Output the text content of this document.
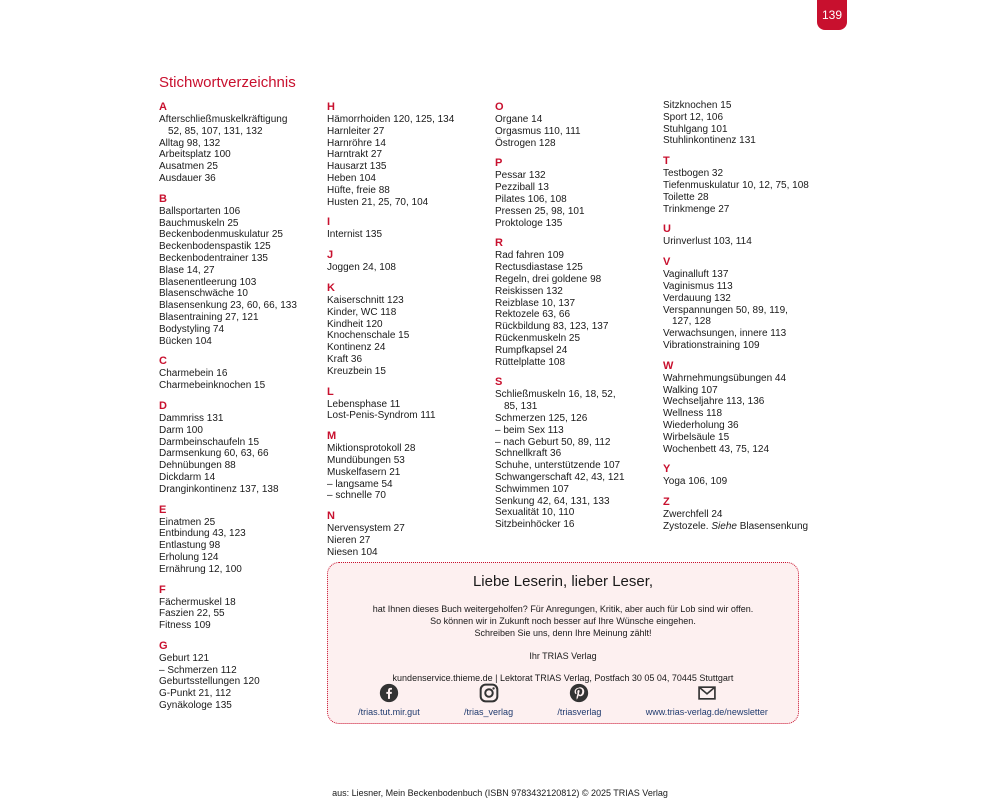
139
Stichwortverzeichnis
A
Afterschließmuskelkräftigung
52, 85, 107, 131, 132
Alltag 98, 132
Arbeitsplatz 100
Ausatmen 25
Ausdauer 36
B
Ballsportarten 106
Bauchmuskeln 25
Beckenbodenmuskulatur 25
Beckenbodenspastik 125
Beckenbodentrainer 135
Blase 14, 27
Blasenentleerung 103
Blasenschwäche 10
Blasensenkung 23, 60, 66, 133
Blasentraining 27, 121
Bodystyling 74
Bücken 104
C
Charmebein 16
Charmebeinknochen 15
D
Dammriss 131
Darm 100
Darmbeinschaufeln 15
Darmsenkung 60, 63, 66
Dehnübungen 88
Dickdarm 14
Dranginkontinenz 137, 138
E
Einatmen 25
Entbindung 43, 123
Entlastung 98
Erholung 124
Ernährung 12, 100
F
Fächermuskel 18
Faszien 22, 55
Fitness 109
G
Geburt 121
– Schmerzen 112
Geburtsstellungen 120
G-Punkt 21, 112
Gynäkologe 135
H
Hämorrhoiden 120, 125, 134
Harnleiter 27
Harnröhre 14
Harntrakt 27
Hausarzt 135
Heben 104
Hüfte, freie 88
Husten 21, 25, 70, 104
I
Internist 135
J
Joggen 24, 108
K
Kaiserschnitt 123
Kinder, WC 118
Kindheit 120
Knochenschale 15
Kontinenz 24
Kraft 36
Kreuzbein 15
L
Lebensphase 11
Lost-Penis-Syndrom 111
M
Miktionsprotokoll 28
Mundübungen 53
Muskelfasern 21
– langsame 54
– schnelle 70
N
Nervensystem 27
Nieren 27
Niesen 104
O
Organe 14
Orgasmus 110, 111
Östrogen 128
P
Pessar 132
Pezziball 13
Pilates 106, 108
Pressen 25, 98, 101
Proktologe 135
R
Rad fahren 109
Rectusdiastase 125
Regeln, drei goldene 98
Reiskissen 132
Reizblase 10, 137
Rektozele 63, 66
Rückbildung 83, 123, 137
Rückenmuskeln 25
Rumpfkapsel 24
Rüttelplatte 108
S
Schließmuskeln 16, 18, 52,
85, 131
Schmerzen 125, 126
– beim Sex 113
– nach Geburt 50, 89, 112
Schnellkraft 36
Schuhe, unterstützende 107
Schwangerschaft 42, 43, 121
Schwimmen 107
Senkung 42, 64, 131, 133
Sexualität 10, 110
Sitzbeinhöcker 16
Sitzknochen 15
Sport 12, 106
Stuhlgang 101
Stuhlinkontinenz 131
T
Testbogen 32
Tiefenmuskulatur 10, 12, 75, 108
Toilette 28
Trinkmenge 27
U
Urinverlust 103, 114
V
Vaginalluft 137
Vaginismus 113
Verdauung 132
Verspannungen 50, 89, 119,
127, 128
Verwachsungen, innere 113
Vibrationstraining 109
W
Wahrnehmungsübungen 44
Walking 107
Wechseljahre 113, 136
Wellness 118
Wiederholung 36
Wirbelsäule 15
Wochenbett 43, 75, 124
Y
Yoga 106, 109
Z
Zwerchfell 24
Zystozele. Siehe Blasensenkung
Liebe Leserin, lieber Leser,
hat Ihnen dieses Buch weitergeholfen? Für Anregungen, Kritik, aber auch für Lob sind wir offen.
So können wir in Zukunft noch besser auf Ihre Wünsche eingehen.
Schreiben Sie uns, denn Ihre Meinung zählt!
Ihr TRIAS Verlag
kundenservice.thieme.de | Lektorat TRIAS Verlag, Postfach 30 05 04, 70445 Stuttgart
/trias.tut.mir.gut	/trias_verlag	/triasverlag	www.trias-verlag.de/newsletter
aus: Liesner, Mein Beckenbodenbuch (ISBN 9783432120812) © 2025 TRIAS Verlag
